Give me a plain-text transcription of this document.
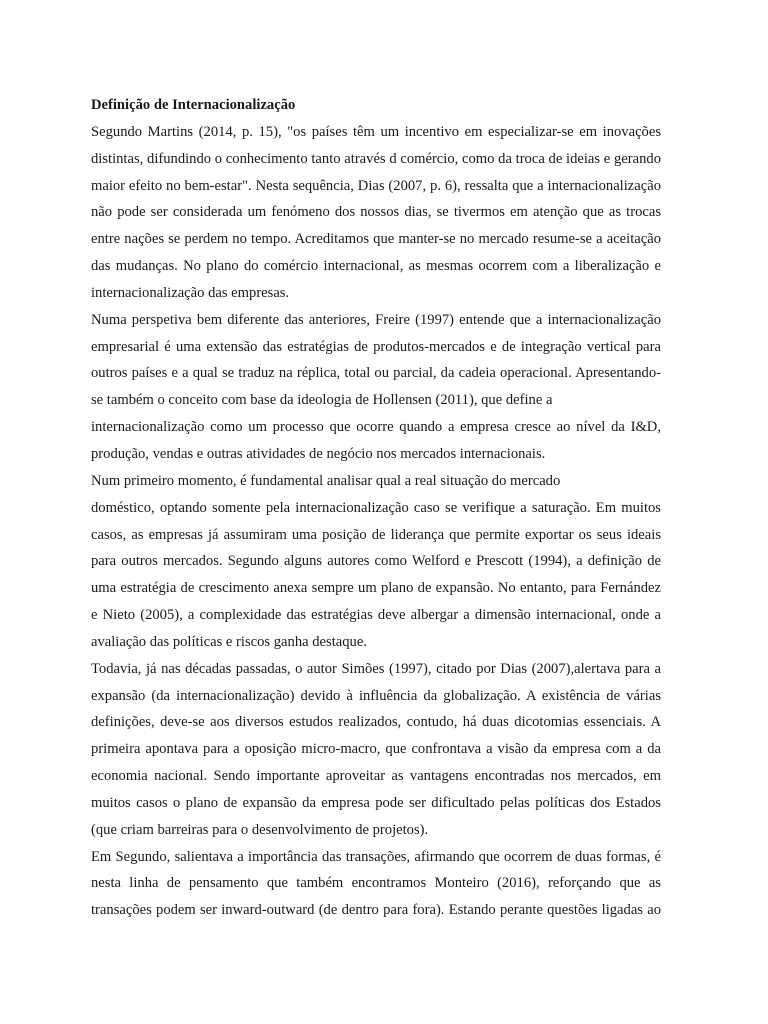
Definição de Internacionalização
Segundo Martins (2014, p. 15), "os países têm um incentivo em especializar-se em inovações
distintas, difundindo o conhecimento tanto através d comércio, como da troca de ideias e gerando
maior efeito no bem-estar". Nesta sequência, Dias (2007, p. 6), ressalta que a internacionalização
não pode ser considerada um fenómeno dos nossos dias, se tivermos em atenção que as trocas
entre nações se perdem no tempo. Acreditamos que manter-se no mercado resume-se a aceitação
das mudanças. No plano do comércio internacional, as mesmas ocorrem com a liberalização e
internacionalização das empresas.
Numa perspetiva bem diferente das anteriores, Freire (1997) entende que a internacionalização
empresarial é uma extensão das estratégias de produtos-mercados e de integração vertical para
outros países e a qual se traduz na réplica, total ou parcial, da cadeia operacional. Apresentando-
se também o conceito com base da ideologia de Hollensen (2011), que define a
internacionalização como um processo que ocorre quando a empresa cresce ao nível da I&D,
produção, vendas e outras atividades de negócio nos mercados internacionais.
Num primeiro momento, é fundamental analisar qual a real situação do mercado
doméstico, optando somente pela internacionalização caso se verifique a saturação. Em muitos
casos, as empresas já assumiram uma posição de liderança que permite exportar os seus ideais
para outros mercados. Segundo alguns autores como Welford e Prescott (1994), a definição de
uma estratégia de crescimento anexa sempre um plano de expansão. No entanto, para Fernández
e Nieto (2005), a complexidade das estratégias deve albergar a dimensão internacional, onde a
avaliação das políticas e riscos ganha destaque.
Todavia, já nas décadas passadas, o autor Simões (1997), citado por Dias (2007),alertava para a
expansão (da internacionalização) devido à influência da globalização. A existência de várias
definições, deve-se aos diversos estudos realizados, contudo, há duas dicotomias essenciais. A
primeira apontava para a oposição micro-macro, que confrontava a visão da empresa com a da
economia nacional. Sendo importante aproveitar as vantagens encontradas nos mercados, em
muitos casos o plano de expansão da empresa pode ser dificultado pelas políticas dos Estados
(que criam barreiras para o desenvolvimento de projetos).
Em Segundo, salientava a importância das transações, afirmando que ocorrem de duas formas, é
nesta linha de pensamento que também encontramos Monteiro (2016), reforçando que as
transações podem ser inward-outward (de dentro para fora). Estando perante questões ligadas ao
